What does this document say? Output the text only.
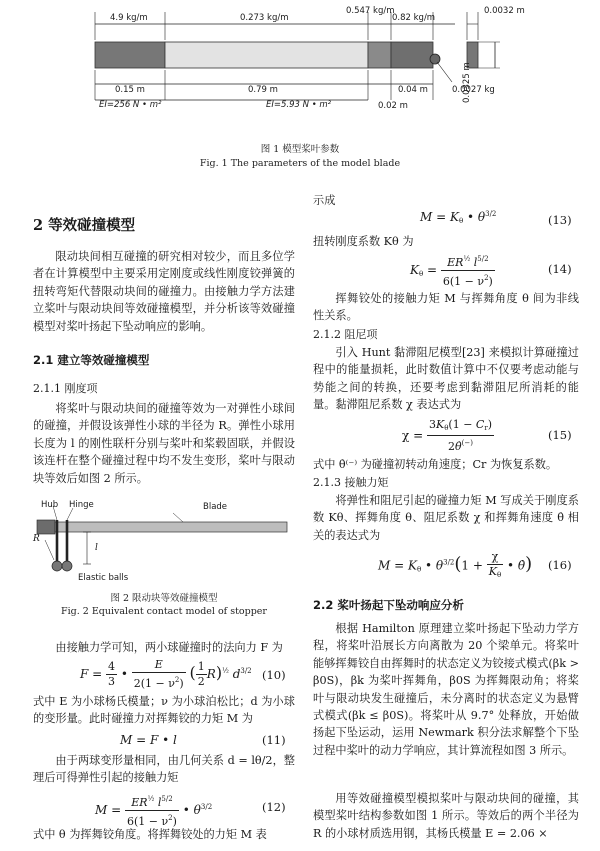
4.9 kg/m	0.273 kg/m
0.547 kg/m
0.82 kg/m
0.0032 m
0.15 m	0.79 m	0.04 m
0.02 m
0.0027 kg
0.0325 m
EI=256 N • m²	EI=5.93 N • m²
图 1 模型桨叶参数
Fig. 1 The parameters of the model blade
2 等效碰撞模型

限动块间相互碰撞的研究相对较少，而且多位学者在计算模型中主要采用定刚度或线性刚度铰弹簧的扭转弯矩代替限动块间的碰撞力。由接触力学方法建立桨叶与限动块间等效碰撞模型，并分析该等效碰撞模型对桨叶扬起下坠动响应的影响。

2.1 建立等效碰撞模型
2.1.1 刚度项

将桨叶与限动块间的碰撞等效为一对弹性小球间的碰撞，并假设该弹性小球的半径为 R。弹性小球用长度为 l 的刚性联杆分别与桨叶和桨毂固联，并假设该连杆在整个碰撞过程中均不发生变形，桨叶与限动块等效后如图 2 所示。

Hub Hinge	Blade
R
l
Elastic balls
图 2 限动块等效碰撞模型
Fig. 2 Equivalent contact model of stopper

由接触力学可知，两小球碰撞时的法向力 F 为

$F = \frac{4}{3}$ • $\frac{E}{2(1 - \nu^2)}$ ( $\frac{1}{2} R)^{\frac{1}{2}}$ $d^{3/2}$ (10)

式中 E 为小球杨氏模量；ν 为小球泊松比；d 为小球的变形量。此时碰撞力对挥舞铰的力矩 M 为

M = F • l	(11)

由于两球变形量相同，由几何关系 d = lθ/2，整理后可得弹性引起的接触力矩

$M = \frac{ER^{\frac{1}{2}} l^{5/2}}{6(1 - \nu^2)}$ • $\theta^{3/2}$	(12)

式中 θ 为挥舞铰角度。将挥舞铰处的力矩 M 表

示成

$M = K_\theta$ • $\theta^{3/2}$	(13)

扭转刚度系数 Kθ 为

$K_\theta = \frac{ER^{\frac{1}{2}} l^{5/2}}{6(1 - \nu^2)}$	(14)

挥舞铰处的接触力矩 M 与挥舞角度 θ 间为非线性关系。

2.1.2 阻尼项

引入 Hunt 黏滞阻尼模型[23] 来模拟计算碰撞过程中的能量损耗，此时数值计算中不仅要考虑动能与势能之间的转换，还要考虑到黏滞阻尼所消耗的能量。黏滞阻尼系数 χ 表达式为

$\chi = \frac{3K_\theta(1 - C_r)}{2\thetȧ^{(-)}}$	(15)

式中 θ̇⁽⁻⁾ 为碰撞初转动角速度；Cr 为恢复系数。

2.1.3 接触力矩

将弹性和阻尼引起的碰撞力矩 M 写成关于刚度系数 Kθ、挥舞角度 θ、阻尼系数 χ 和挥舞角速度 θ̇ 相关的表达式为

$M = K_\theta$ • $\theta^{3/2}(1 + \frac{\chi}{K_\theta}$ • θ̇) (16)
2.2 桨叶扬起下坠动响应分析

根据 Hamilton 原理建立桨叶扬起下坠动力学方程，将桨叶沿展长方向离散为 20 个梁单元。将桨叶能够挥舞铰自由挥舞时的状态定义为铰接式模式(βk > β0S)，βk 为桨叶挥舞角，β0S 为挥舞限动角；将桨叶与限动块发生碰撞后，未分离时的状态定义为悬臂式模式(βk ≤ β0S)。将桨叶从 9.7° 处释放，开始做扬起下坠运动，运用 Newmark 积分法求解整个下坠过程中桨叶的动力学响应，其计算流程如图 3 所示。

用等效碰撞模型模拟桨叶与限动块间的碰撞，其模型桨叶结构参数如图 1 所示。等效后的两个半径为 R 的小球材质选用钢，其杨氏模量 E = 2.06 ×
